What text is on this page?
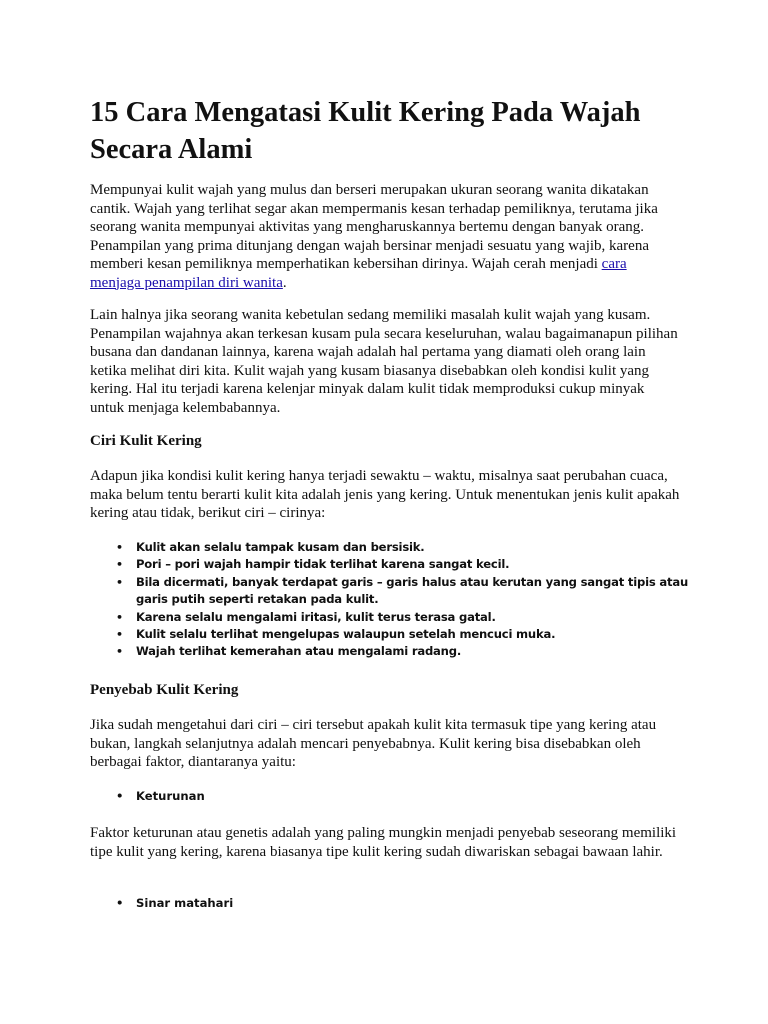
15 Cara Mengatasi Kulit Kering Pada Wajah Secara Alami

Mempunyai kulit wajah yang mulus dan berseri merupakan ukuran seorang wanita dikatakan cantik. Wajah yang terlihat segar akan mempermanis kesan terhadap pemiliknya, terutama jika seorang wanita mempunyai aktivitas yang mengharuskannya bertemu dengan banyak orang. Penampilan yang prima ditunjang dengan wajah bersinar menjadi sesuatu yang wajib, karena memberi kesan pemiliknya memperhatikan kebersihan dirinya. Wajah cerah menjadi cara menjaga penampilan diri wanita.

Lain halnya jika seorang wanita kebetulan sedang memiliki masalah kulit wajah yang kusam. Penampilan wajahnya akan terkesan kusam pula secara keseluruhan, walau bagaimanapun pilihan busana dan dandanan lainnya, karena wajah adalah hal pertama yang diamati oleh orang lain ketika melihat diri kita. Kulit wajah yang kusam biasanya disebabkan oleh kondisi kulit yang kering. Hal itu terjadi karena kelenjar minyak dalam kulit tidak memproduksi cukup minyak untuk menjaga kelembabannya.

Ciri Kulit Kering

Adapun jika kondisi kulit kering hanya terjadi sewaktu – waktu, misalnya saat perubahan cuaca, maka belum tentu berarti kulit kita adalah jenis yang kering. Untuk menentukan jenis kulit apakah kering atau tidak, berikut ciri – cirinya:

• Kulit akan selalu tampak kusam dan bersisik.
• Pori – pori wajah hampir tidak terlihat karena sangat kecil.
• Bila dicermati, banyak terdapat garis – garis halus atau kerutan yang sangat tipis atau garis putih seperti retakan pada kulit.
• Karena selalu mengalami iritasi, kulit terus terasa gatal.
• Kulit selalu terlihat mengelupas walaupun setelah mencuci muka.
• Wajah terlihat kemerahan atau mengalami radang.
Penyebab Kulit Kering

Jika sudah mengetahui dari ciri – ciri tersebut apakah kulit kita termasuk tipe yang kering atau bukan, langkah selanjutnya adalah mencari penyebabnya. Kulit kering bisa disebabkan oleh berbagai faktor, diantaranya yaitu:

• Keturunan

Faktor keturunan atau genetis adalah yang paling mungkin menjadi penyebab seseorang memiliki tipe kulit yang kering, karena biasanya tipe kulit kering sudah diwariskan sebagai bawaan lahir.

• Sinar matahari
